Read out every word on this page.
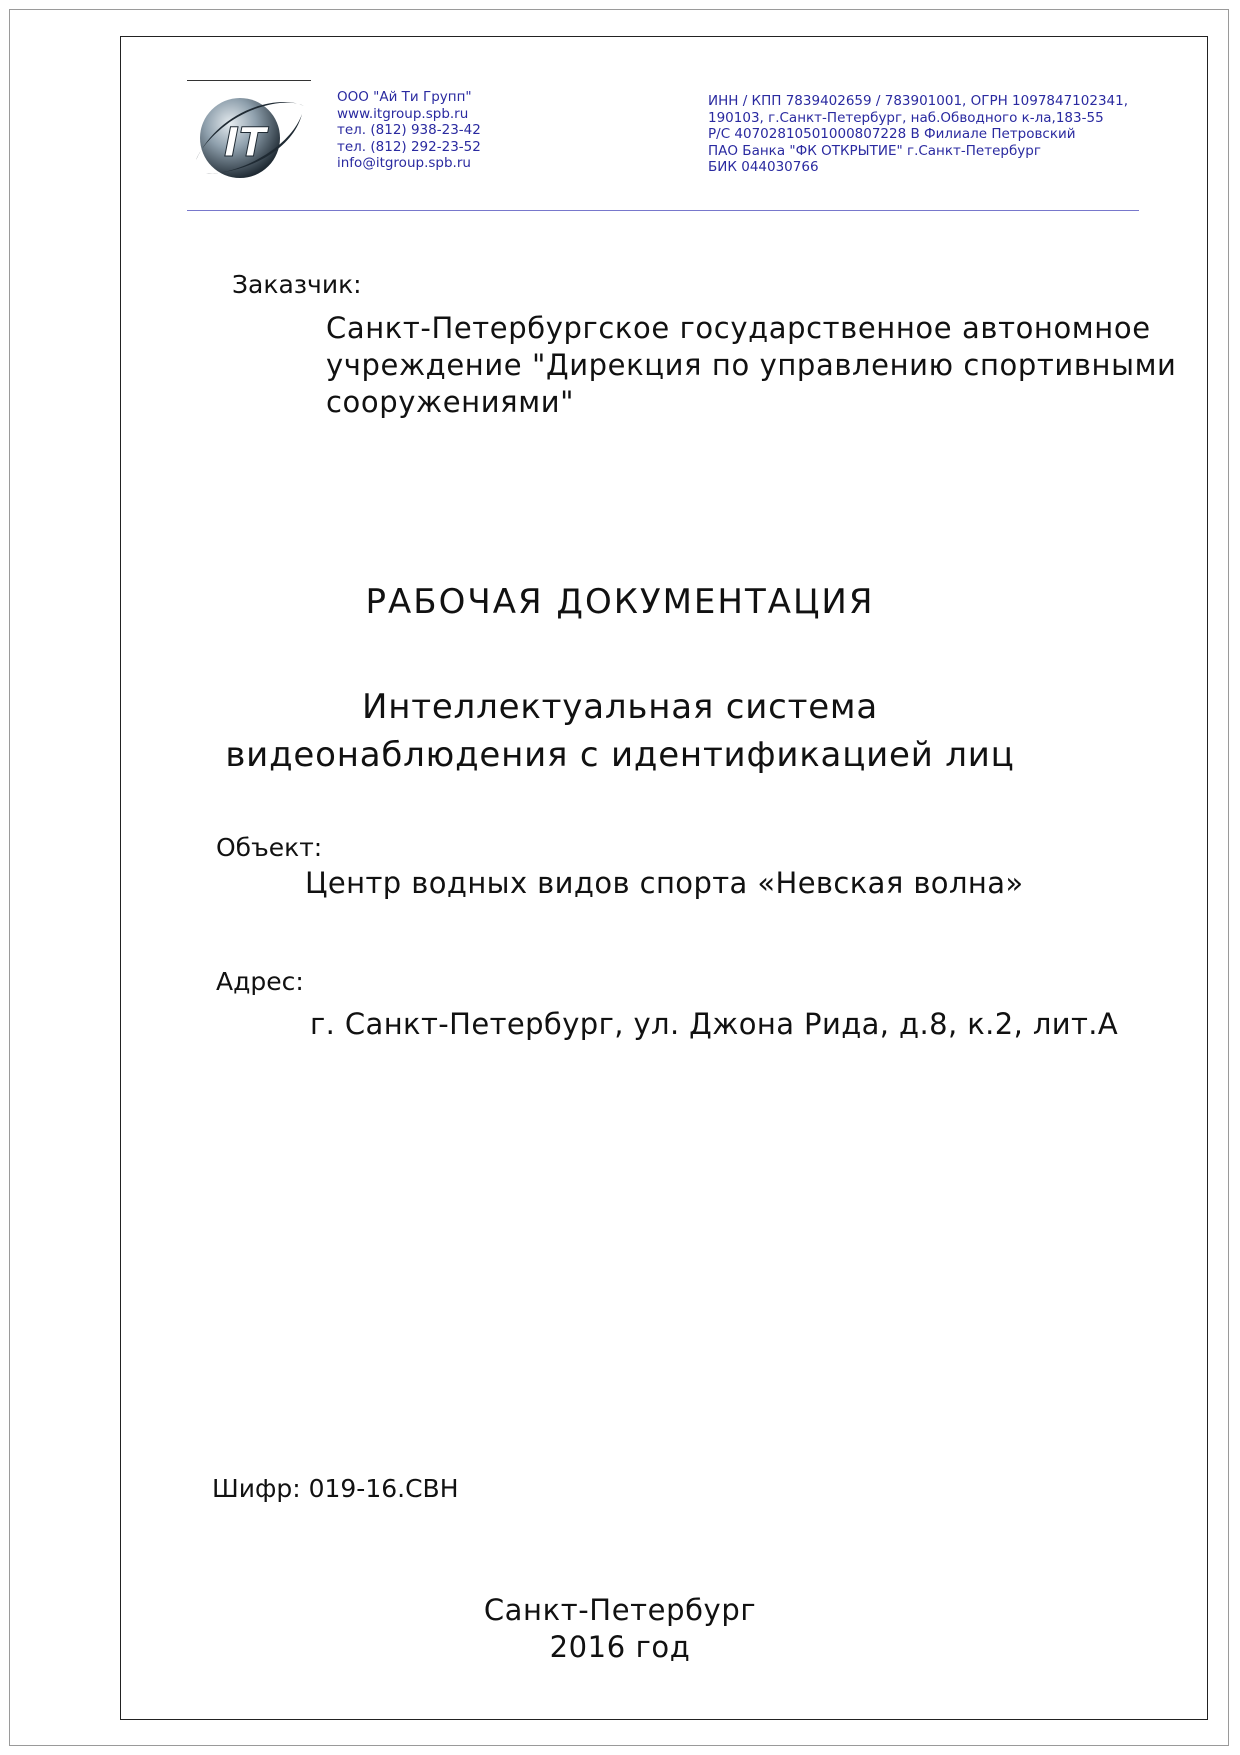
IT
ООО "Ай Ти Групп"
www.itgroup.spb.ru
тел. (812) 938-23-42
тел. (812) 292-23-52
info@itgroup.spb.ru
ИНН / КПП 7839402659 / 783901001, ОГРН 1097847102341,
190103, г.Санкт-Петербург, наб.Обводного к-ла,183-55
Р/С 40702810501000807228 В Филиале Петровский
ПАО Банка "ФК ОТКРЫТИЕ" г.Санкт-Петербург
БИК 044030766
Заказчик:
Санкт-Петербургское государственное автономное
учреждение "Дирекция по управлению спортивными
сооружениями"
РАБОЧАЯ ДОКУМЕНТАЦИЯ
Интеллектуальная система
видеонаблюдения с идентификацией лиц
Объект:
Центр водных видов спорта «Невская волна»
Адрес:
г. Санкт-Петербург, ул. Джона Рида, д.8, к.2, лит.А
Шифр: 019-16.СВН
Санкт-Петербург
2016 год
